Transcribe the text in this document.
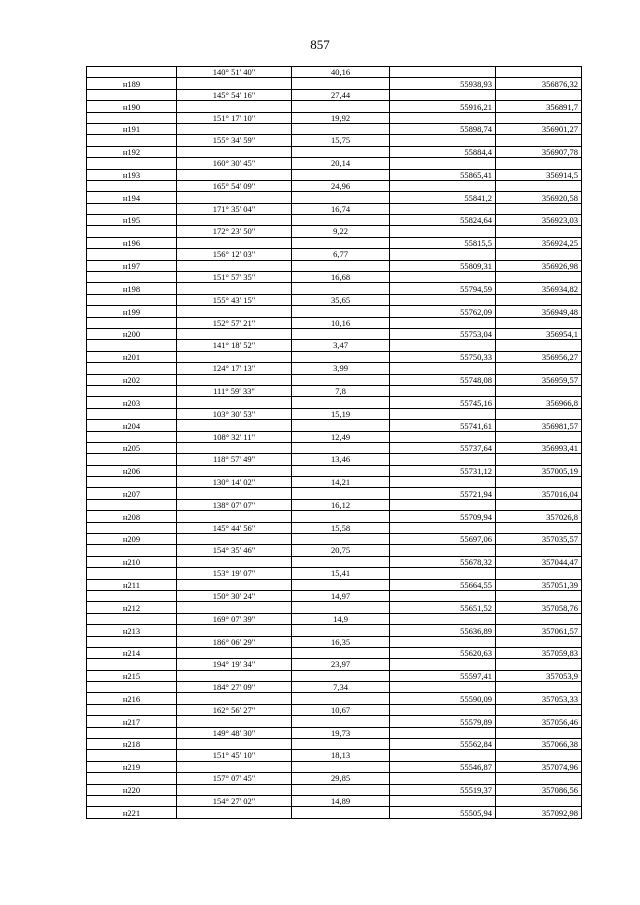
857
	140° 51' 40"	40,16		
н189			55938,93	356876,32
	145° 54' 16"	27,44		
н190			55916,21	356891,7
	151° 17' 10"	19,92		
н191			55898,74	356901,27
	155° 34' 59"	15,75		
н192			55884,4	356907,78
	160° 30' 45"	20,14		
н193			55865,41	356914,5
	165° 54' 09"	24,96		
н194			55841,2	356920,58
	171° 35' 04"	16,74		
н195			55824,64	356923,03
	172° 23' 50"	9,22		
н196			55815,5	356924,25
	156° 12' 03"	6,77		
н197			55809,31	356926,98
	151° 57' 35"	16,68		
н198			55794,59	356934,82
	155° 43' 15"	35,65		
н199			55762,09	356949,48
	152° 57' 21"	10,16		
н200			55753,04	356954,1
	141° 18' 52"	3,47		
н201			55750,33	356956,27
	124° 17' 13"	3,99		
н202			55748,08	356959,57
	111° 59' 33"	7,8		
н203			55745,16	356966,8
	103° 30' 53"	15,19		
н204			55741,61	356981,57
	108° 32' 11"	12,49		
н205			55737,64	356993,41
	118° 57' 49"	13,46		
н206			55731,12	357005,19
	130° 14' 02"	14,21		
н207			55721,94	357016,04
	138° 07' 07"	16,12		
н208			55709,94	357026,8
	145° 44' 56"	15,58		
н209			55697,06	357035,57
	154° 35' 46"	20,75		
н210			55678,32	357044,47
	153° 19' 07"	15,41		
н211			55664,55	357051,39
	150° 30' 24"	14,97		
н212			55651,52	357058,76
	169° 07' 39"	14,9		
н213			55636,89	357061,57
	186° 06' 29"	16,35		
н214			55620,63	357059,83
	194° 19' 34"	23,97		
н215			55597,41	357053,9
	184° 27' 09"	7,34		
н216			55590,09	357053,33
	162° 56' 27"	10,67		
н217			55579,89	357056,46
	149° 48' 30"	19,73		
н218			55562,84	357066,38
	151° 45' 10"	18,13		
н219			55546,87	357074,96
	157° 07' 45"	29,85		
н220			55519,37	357086,56
	154° 27' 02"	14,89		
н221			55505,94	357092,98
